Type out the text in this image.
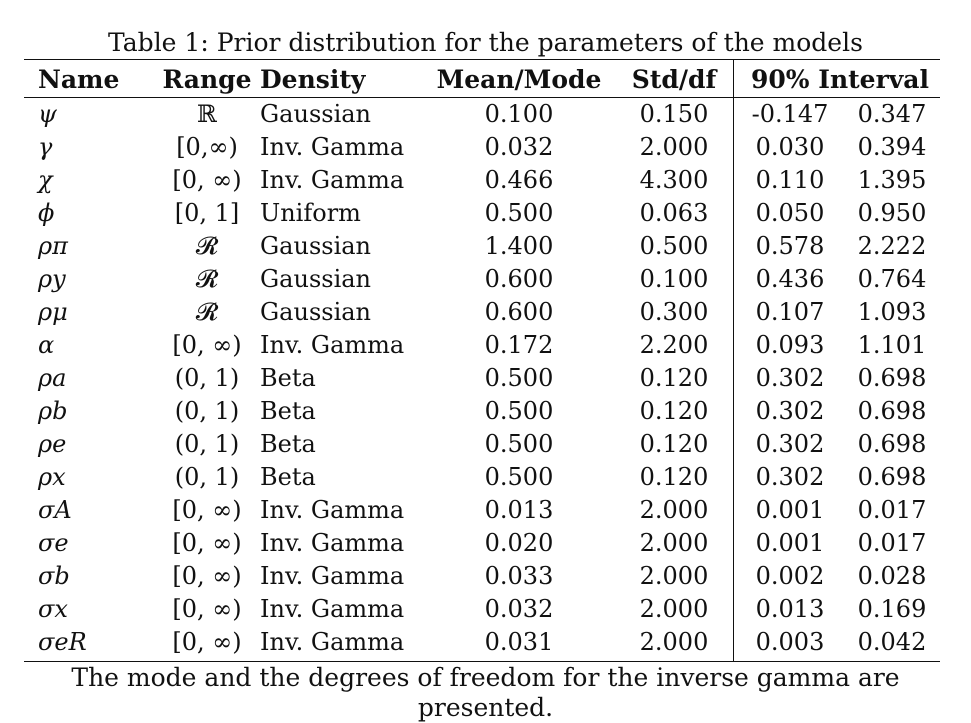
Table 1: Prior distribution for the parameters of the models
Name	Range Density	Mean/Mode	Std/df	90% Interval
ψ	ℝ	Gaussian	0.100	0.150	-0.147	0.347
γ	[0,∞) Inv. Gamma	0.032	2.000	0.030	0.394
χ	[0, ∞) Inv. Gamma	0.466	4.300	0.110	1.395
ϕ	[0, 1] Uniform	0.500	0.063	0.050	0.950
ρπ	𝓡	Gaussian	1.400	0.500	0.578	2.222
ρy	𝓡	Gaussian	0.600	0.100	0.436	0.764
ρμ	𝓡	Gaussian	0.600	0.300	0.107	1.093
α	[0, ∞) Inv. Gamma	0.172	2.200	0.093	1.101
ρa	(0, 1) Beta	0.500	0.120	0.302	0.698
ρb	(0, 1) Beta	0.500	0.120	0.302	0.698
ρe	(0, 1) Beta	0.500	0.120	0.302	0.698
ρx	(0, 1) Beta	0.500	0.120	0.302	0.698
σA	[0, ∞) Inv. Gamma	0.013	2.000	0.001	0.017
σe	[0, ∞) Inv. Gamma	0.020	2.000	0.001	0.017
σb	[0, ∞) Inv. Gamma	0.033	2.000	0.002	0.028
σx	[0, ∞) Inv. Gamma	0.032	2.000	0.013	0.169
σeR	[0, ∞) Inv. Gamma	0.031	2.000	0.003	0.042
The mode and the degrees of freedom for the inverse gamma are presented.
